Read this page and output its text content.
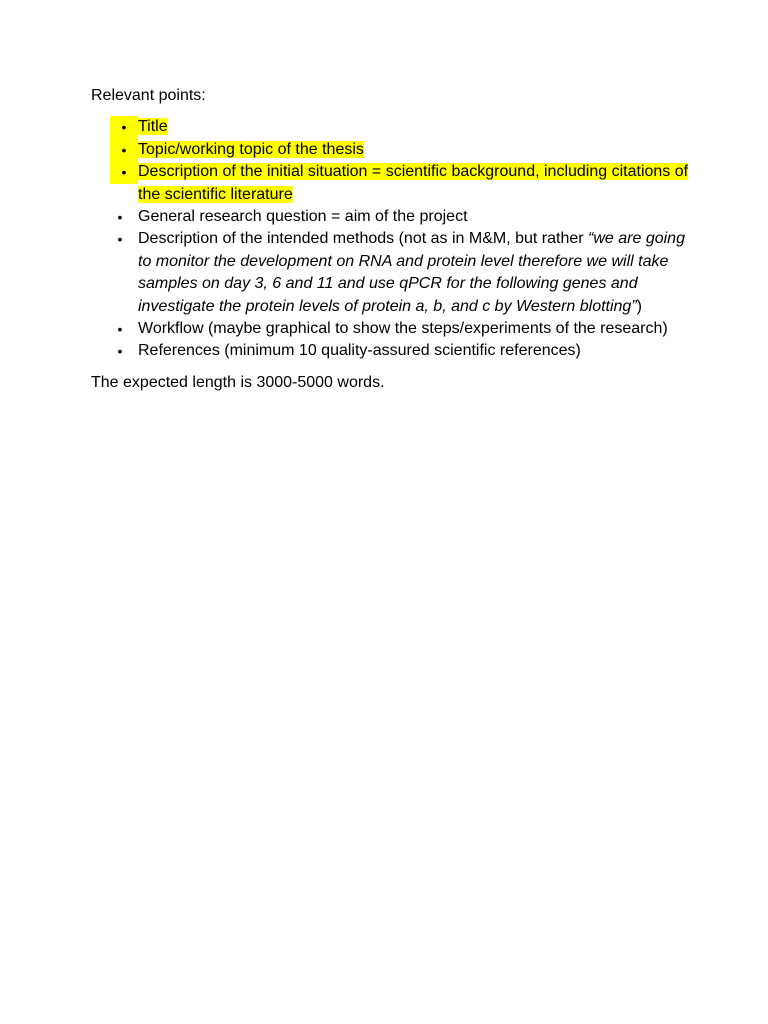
Relevant points:

• Title
• Topic/working topic of the thesis
• Description of the initial situation = scientific background, including citations of the scientific literature
• General research question = aim of the project
• Description of the intended methods (not as in M&M, but rather “we are going to monitor the development on RNA and protein level therefore we will take samples on day 3, 6 and 11 and use qPCR for the following genes and investigate the protein levels of protein a, b, and c by Western blotting”)
• Workflow (maybe graphical to show the steps/experiments of the research)
• References (minimum 10 quality-assured scientific references)

The expected length is 3000-5000 words.
